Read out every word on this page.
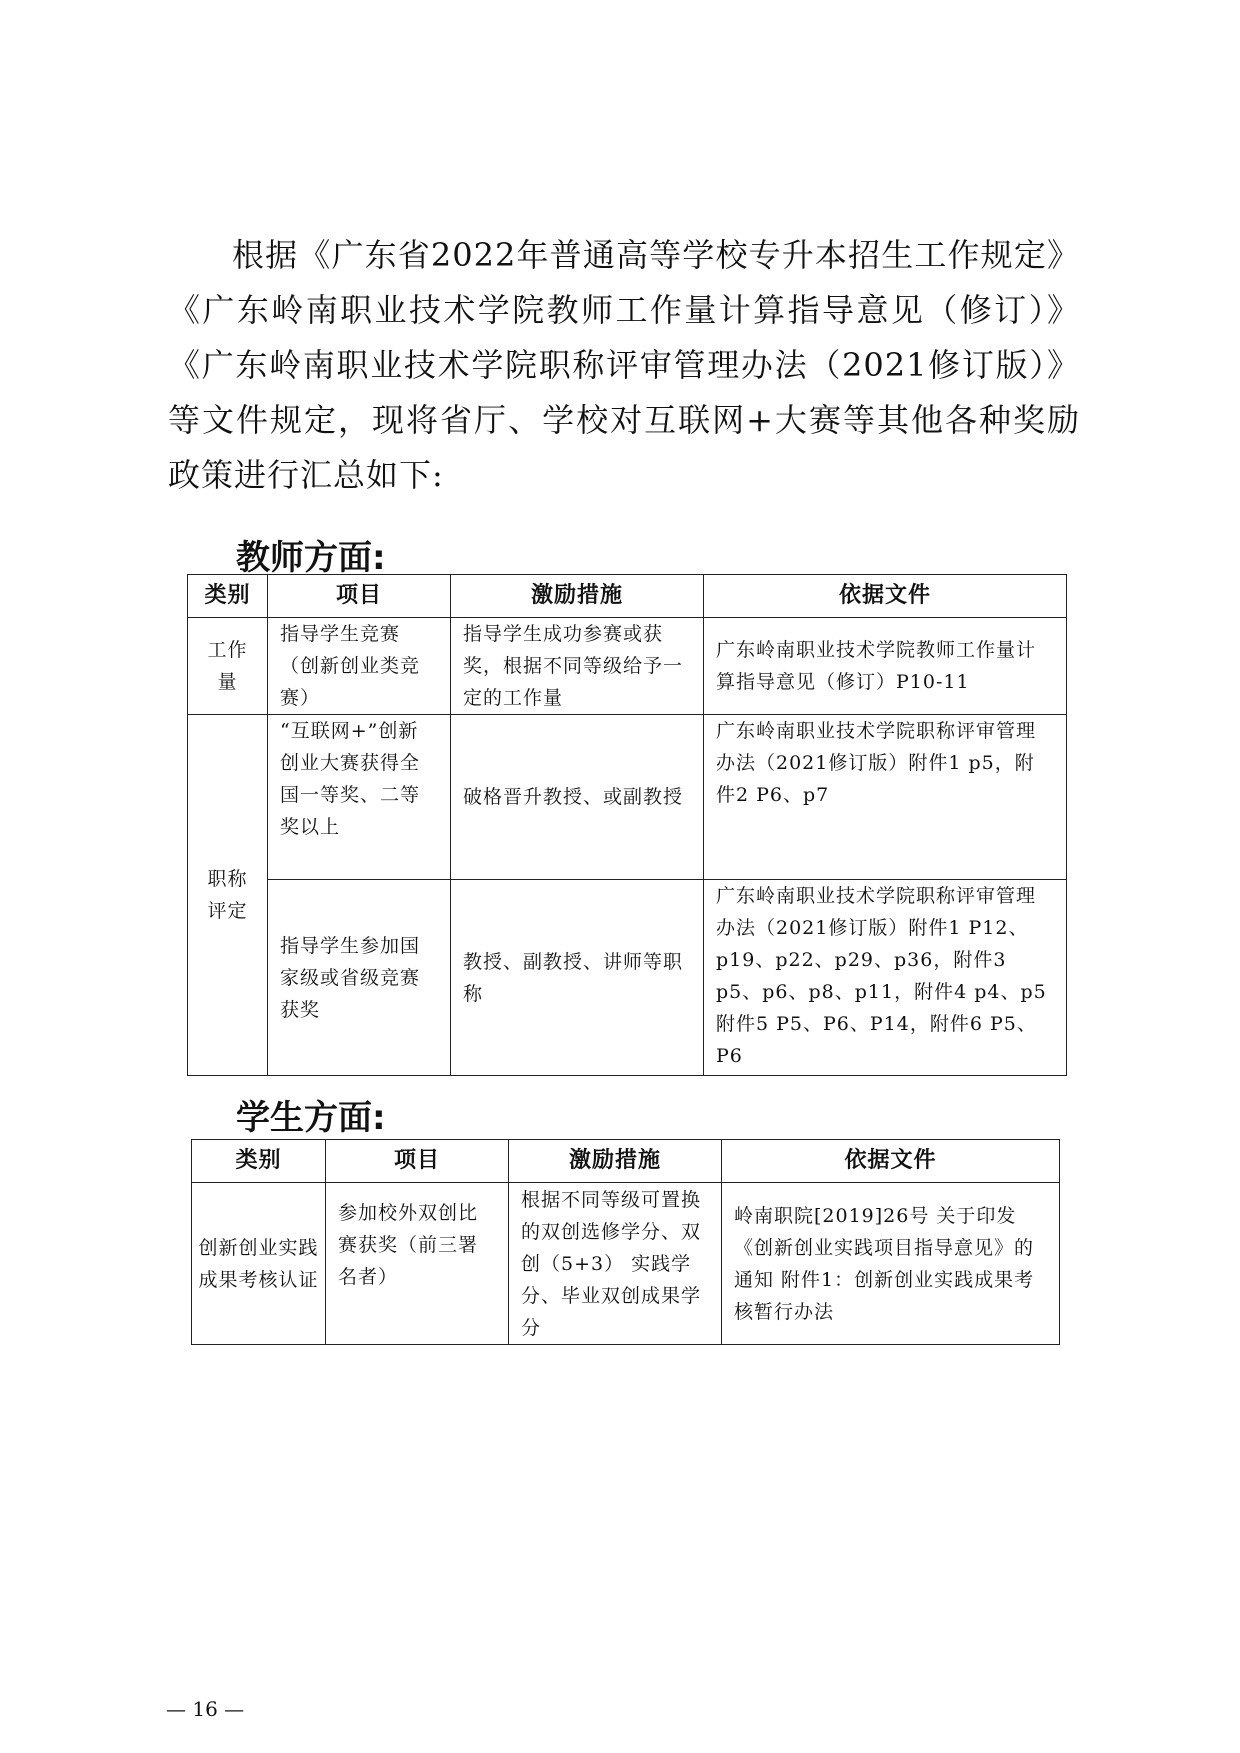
根据《广东省2022年普通高等学校专升本招生工作规定》《广东岭南职业技术学院教师工作量计算指导意见（修订）》《广东岭南职业技术学院职称评审管理办法（2021修订版）》等文件规定，现将省厅、学校对互联网+大赛等其他各种奖励政策进行汇总如下:

教师方面:
类别	项目	激励措施	依据文件
工作量	指导学生竞赛（创新创业类竞赛）	指导学生成功参赛或获奖，根据不同等级给予一定的工作量	广东岭南职业技术学院教师工作量计算指导意见（修订）P10-11
职称评定	“互联网+”创新创业大赛获得全国一等奖、二等奖以上	破格晋升教授、或副教授	广东岭南职业技术学院职称评审管理办法（2021修订版）附件1 p5，附件2 P6、p7
	指导学生参加国家级或省级竞赛获奖	教授、副教授、讲师等职称	广东岭南职业技术学院职称评审管理办法（2021修订版）附件1 P12、p19、p22、p29、p36，附件3 p5、p6、p8、p11，附件4 p4、p5 附件5 P5、P6、P14，附件6 P5、P6
学生方面:
类别	项目	激励措施	依据文件
创新创业实践成果考核认证	参加校外双创比赛获奖（前三署名者）	根据不同等级可置换的双创选修学分、双创（5+3） 实践学分、毕业双创成果学分	岭南职院[2019]26号 关于印发《创新创业实践项目指导意见》的通知 附件1：创新创业实践成果考核暂行办法

— 16 —
